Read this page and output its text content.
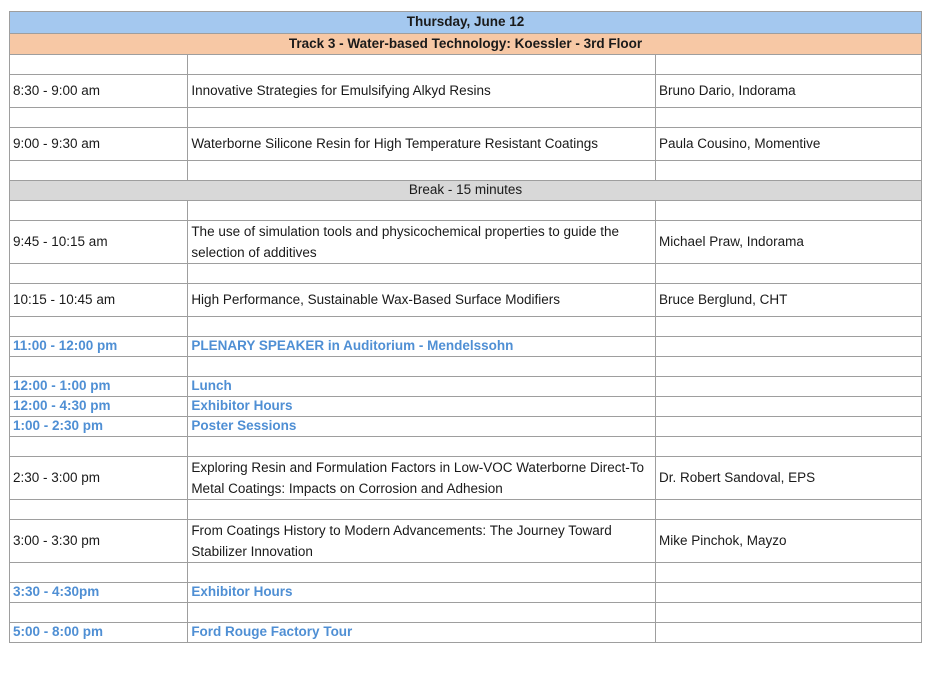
Thursday, June 12		
Track 3 - Water-based Technology: Koessler - 3rd Floor		

8:30 - 9:00 am	Innovative Strategies for Emulsifying Alkyd Resins	Bruno Dario, Indorama

9:00 - 9:30 am	Waterborne Silicone Resin for High Temperature Resistant Coatings	Paula Cousino, Momentive

Break - 15 minutes		

9:45 - 10:15 am	The use of simulation tools and physicochemical properties to guide the selection of additives	Michael Praw, Indorama

10:15 - 10:45 am	High Performance, Sustainable Wax-Based Surface Modifiers	Bruce Berglund, CHT

11:00 - 12:00 pm	PLENARY SPEAKER in Auditorium - Mendelssohn	

12:00 - 1:00 pm	Lunch	
12:00 - 4:30 pm	Exhibitor Hours	
1:00 - 2:30 pm	Poster Sessions	

2:30 - 3:00 pm	Exploring Resin and Formulation Factors in Low-VOC Waterborne Direct-To Metal Coatings: Impacts on Corrosion and Adhesion	Dr. Robert Sandoval, EPS

3:00 - 3:30 pm	From Coatings History to Modern Advancements: The Journey Toward Stabilizer Innovation	Mike Pinchok, Mayzo

3:30 - 4:30pm	Exhibitor Hours	

5:00 - 8:00 pm	Ford Rouge Factory Tour	
